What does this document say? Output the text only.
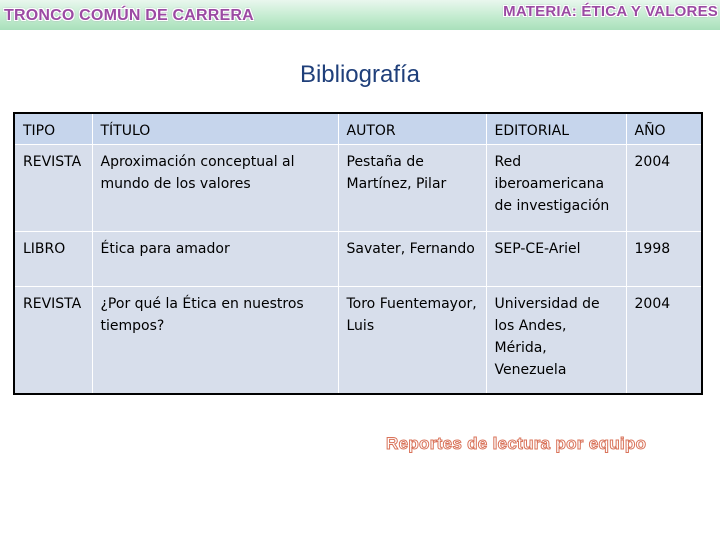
TRONCO COMÚN DE CARRERA	MATERIA: ÉTICA Y VALORES
Bibliografía
TIPO	TÍTULO	AUTOR	EDITORIAL	AÑO
REVISTA	Aproximación conceptual al mundo de los valores	Pestaña de Martínez, Pilar	Red iberoamericana de investigación	2004
LIBRO	Ética para amador	Savater, Fernando	SEP-CE-Ariel	1998
REVISTA	¿Por qué la Ética en nuestros tiempos?	Toro Fuentemayor, Luis	Universidad de los Andes, Mérida, Venezuela	2004
Reportes de lectura por equipo
